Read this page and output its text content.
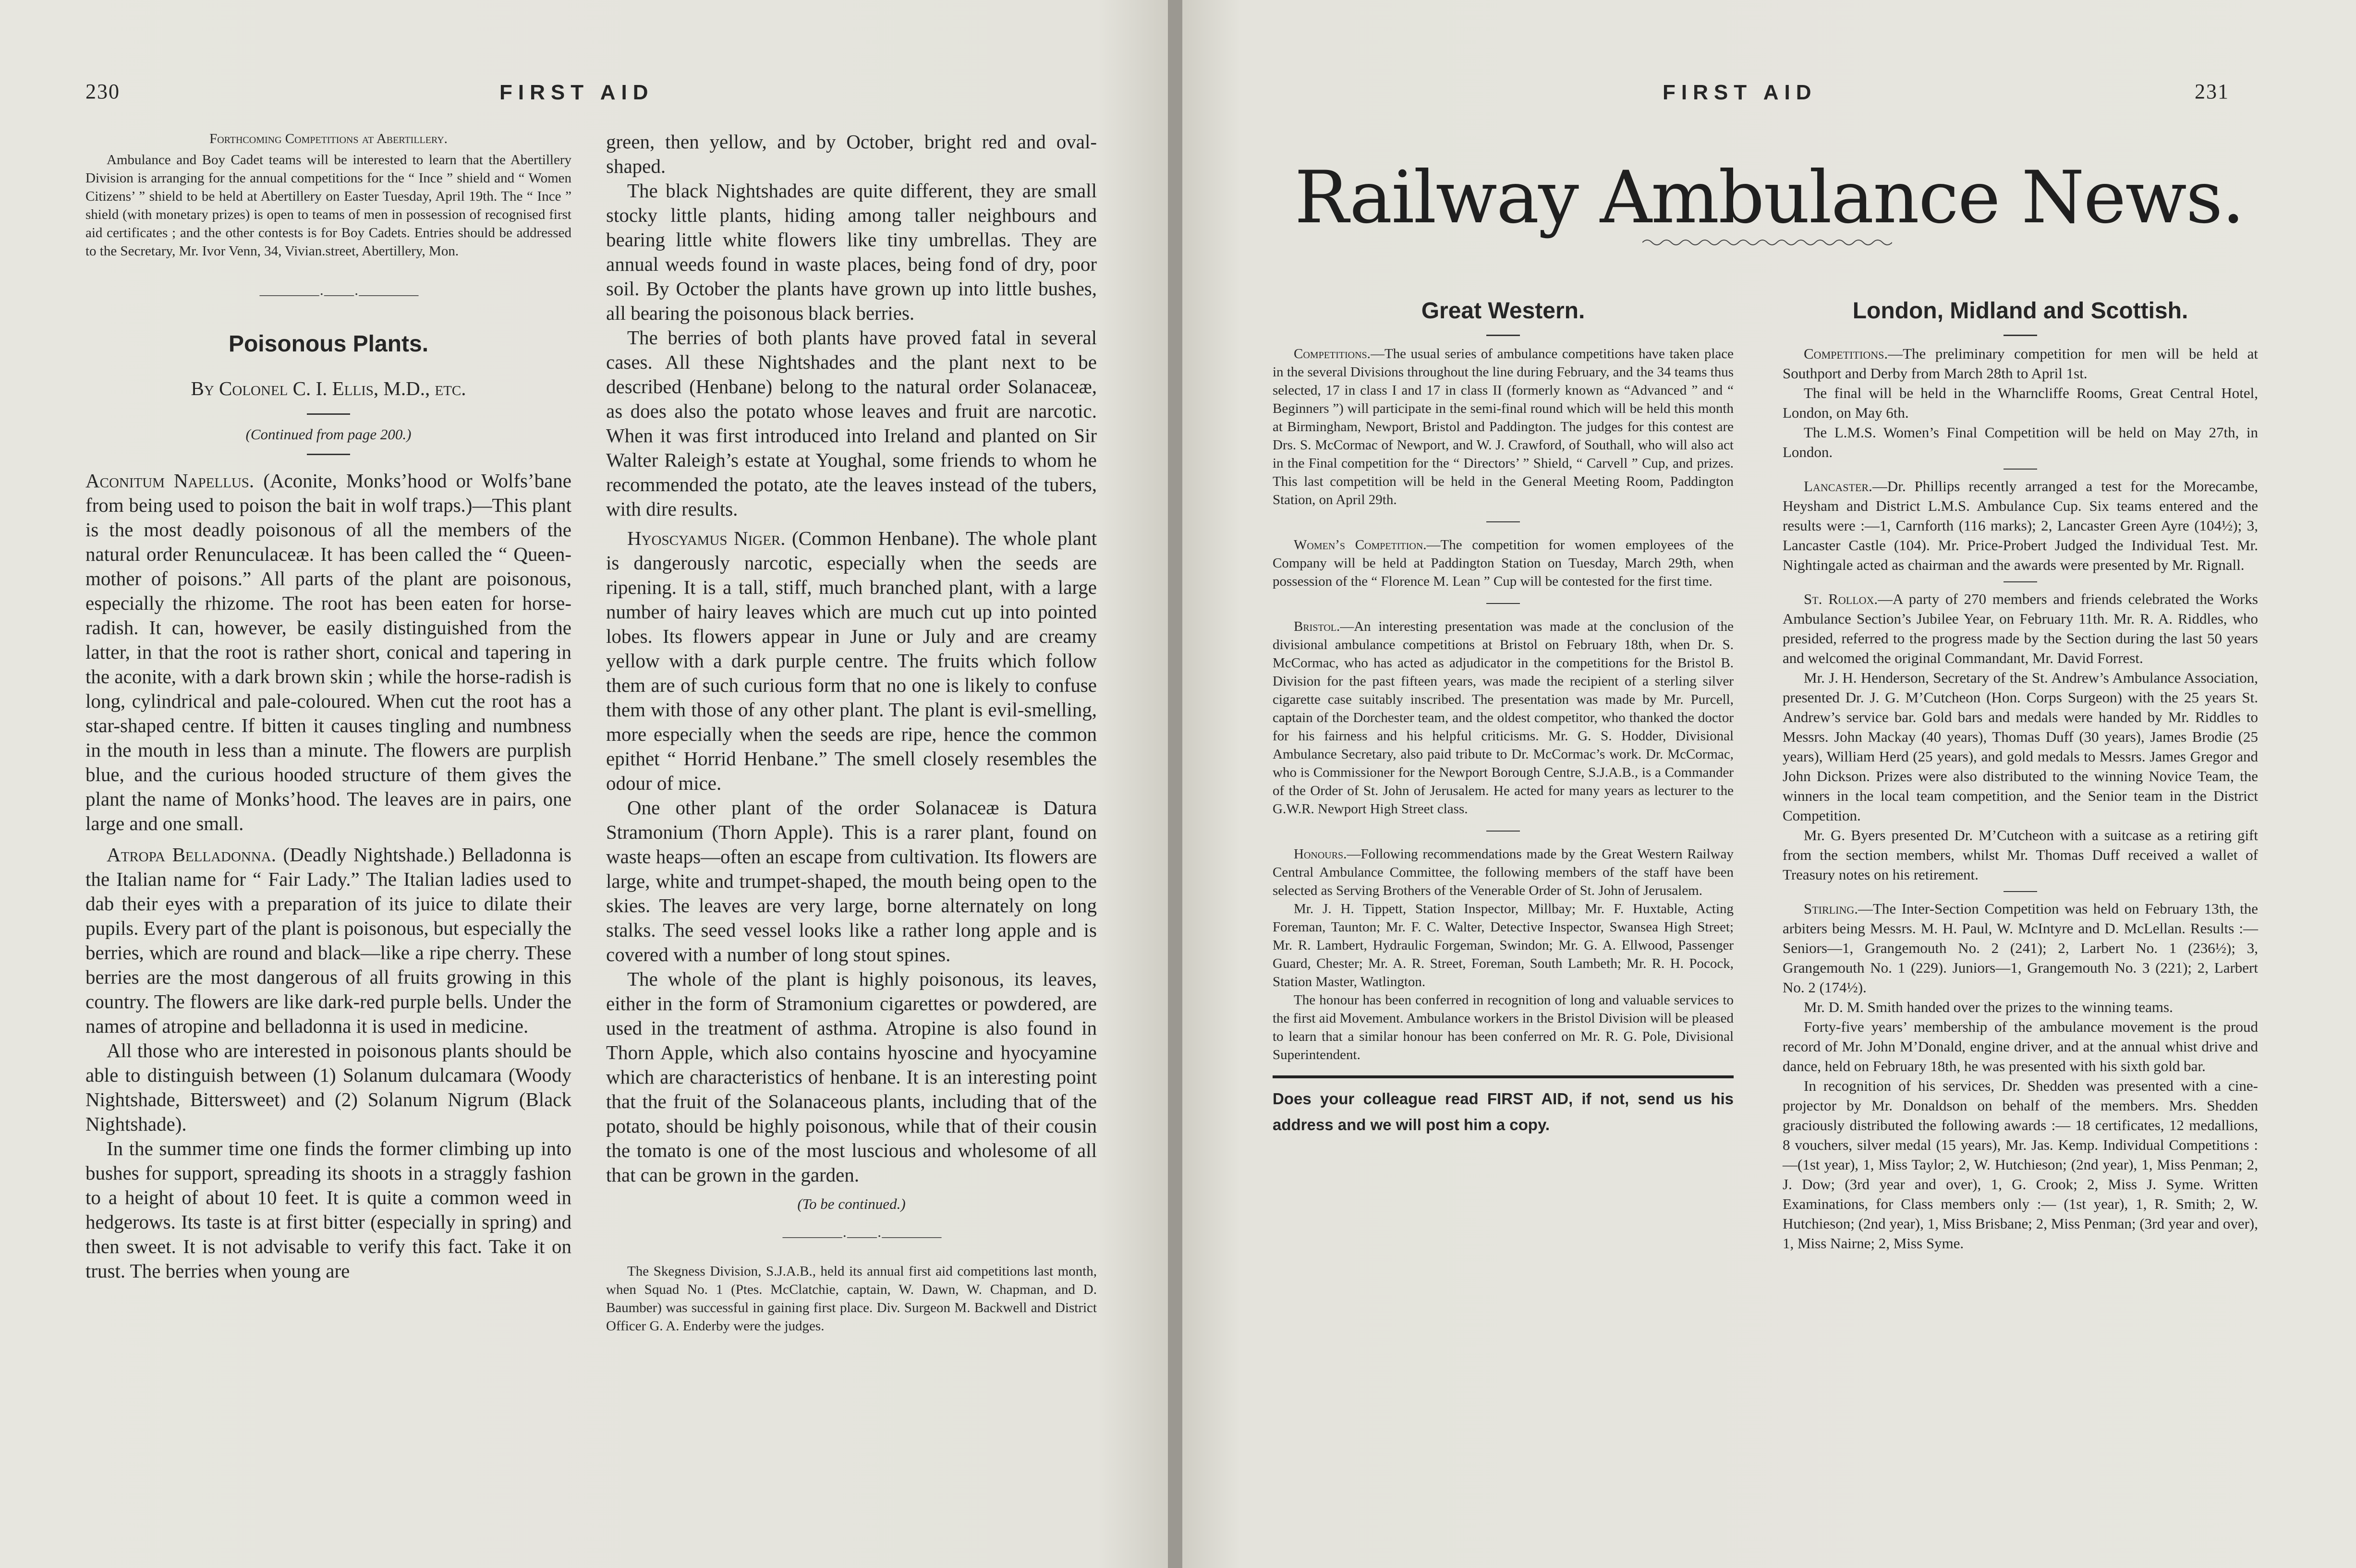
230	FIRST AID

Forthcoming Competitions at Abertillery.

Ambulance and Boy Cadet teams will be interested to learn that the Abertillery Division is arranging for the annual competitions for the “ Ince ” shield and “ Women Citizens’ ” shield to be held at Abertillery on Easter Tuesday, April 19th. The “ Ince ” shield (with monetary prizes) is open to teams of men in possession of recognised first aid certificates ; and the other contests is for Boy Cadets. Entries should be addressed to the Secretary, Mr. Ivor Venn, 34, Vivian.street, Abertillery, Mon.

————·——·————

Poisonous Plants.

By Colonel C. I. Ellis, M.D., etc.

(Continued from page 200.)

Aconitum Napellus. (Aconite, Monks’hood or Wolfs’bane from being used to poison the bait in wolf traps.)—This plant is the most deadly poisonous of all the members of the natural order Renunculaceæ. It has been called the “ Queen-mother of poisons.” All parts of the plant are poisonous, especially the rhizome. The root has been eaten for horse-radish. It can, however, be easily distinguished from the latter, in that the root is rather short, conical and tapering in the aconite, with a dark brown skin ; while the horse-radish is long, cylindrical and pale-coloured. When cut the root has a star-shaped centre. If bitten it causes tingling and numbness in the mouth in less than a minute. The flowers are purplish blue, and the curious hooded structure of them gives the plant the name of Monks’hood. The leaves are in pairs, one large and one small.

Atropa Belladonna. (Deadly Nightshade.) Belladonna is the Italian name for “ Fair Lady.” The Italian ladies used to dab their eyes with a preparation of its juice to dilate their pupils. Every part of the plant is poisonous, but especially the berries, which are round and black—like a ripe cherry. These berries are the most dangerous of all fruits growing in this country. The flowers are like dark-red purple bells. Under the names of atropine and belladonna it is used in medicine.

All those who are interested in poisonous plants should be able to distinguish between (1) Solanum dulcamara (Woody Nightshade, Bittersweet) and (2) Solanum Nigrum (Black Nightshade).

In the summer time one finds the former climbing up into bushes for support, spreading its shoots in a straggly fashion to a height of about 10 feet. It is quite a common weed in hedgerows. Its taste is at first bitter (especially in spring) and then sweet. It is not advisable to verify this fact. Take it on trust. The berries when young are

green, then yellow, and by October, bright red and oval-shaped.

The black Nightshades are quite different, they are small stocky little plants, hiding among taller neighbours and bearing little white flowers like tiny umbrellas. They are annual weeds found in waste places, being fond of dry, poor soil. By October the plants have grown up into little bushes, all bearing the poisonous black berries.

The berries of both plants have proved fatal in several cases. All these Nightshades and the plant next to be described (Henbane) belong to the natural order Solanaceæ, as does also the potato whose leaves and fruit are narcotic. When it was first introduced into Ireland and planted on Sir Walter Raleigh’s estate at Youghal, some friends to whom he recommended the potato, ate the leaves instead of the tubers, with dire results.

Hyoscyamus Niger. (Common Henbane). The whole plant is dangerously narcotic, especially when the seeds are ripening. It is a tall, stiff, much branched plant, with a large number of hairy leaves which are much cut up into pointed lobes. Its flowers appear in June or July and are creamy yellow with a dark purple centre. The fruits which follow them are of such curious form that no one is likely to confuse them with those of any other plant. The plant is evil-smelling, more especially when the seeds are ripe, hence the common epithet “ Horrid Henbane.” The smell closely resembles the odour of mice.

One other plant of the order Solanaceæ is Datura Stramonium (Thorn Apple). This is a rarer plant, found on waste heaps—often an escape from cultivation. Its flowers are large, white and trumpet-shaped, the mouth being open to the skies. The leaves are very large, borne alternately on long stalks. The seed vessel looks like a rather long apple and is covered with a number of long stout spines.

The whole of the plant is highly poisonous, its leaves, either in the form of Stramonium cigarettes or powdered, are used in the treatment of asthma. Atropine is also found in Thorn Apple, which also contains hyoscine and hyocyamine which are characteristics of henbane. It is an interesting point that the fruit of the Solanaceous plants, including that of the potato, should be highly poisonous, while that of their cousin the tomato is one of the most luscious and wholesome of all that can be grown in the garden.

(To be continued.)

————·——·————

The Skegness Division, S.J.A.B., held its annual first aid competitions last month, when Squad No. 1 (Ptes. McClatchie, captain, W. Dawn, W. Chapman, and D. Baumber) was successful in gaining first place. Div. Surgeon M. Backwell and District Officer G. A. Enderby were the judges.

FIRST AID	231
Railway Ambulance News.

Great Western.

Competitions.—The usual series of ambulance competitions have taken place in the several Divisions throughout the line during February, and the 34 teams thus selected, 17 in class I and 17 in class II (formerly known as “Advanced ” and “ Beginners ”) will participate in the semi-final round which will be held this month at Birmingham, Newport, Bristol and Paddington. The judges for this contest are Drs. S. McCormac of Newport, and W. J. Crawford, of Southall, who will also act in the Final competition for the “ Directors’ ” Shield, “ Carvell ” Cup, and prizes. This last competition will be held in the General Meeting Room, Paddington Station, on April 29th.

Women’s Competition.—The competition for women employees of the Company will be held at Paddington Station on Tuesday, March 29th, when possession of the “ Florence M. Lean ” Cup will be contested for the first time.

Bristol.—An interesting presentation was made at the conclusion of the divisional ambulance competitions at Bristol on February 18th, when Dr. S. McCormac, who has acted as adjudicator in the competitions for the Bristol B. Division for the past fifteen years, was made the recipient of a sterling silver cigarette case suitably inscribed. The presentation was made by Mr. Purcell, captain of the Dorchester team, and the oldest competitor, who thanked the doctor for his fairness and his helpful criticisms. Mr. G. S. Hodder, Divisional Ambulance Secretary, also paid tribute to Dr. McCormac’s work. Dr. McCormac, who is Commissioner for the Newport Borough Centre, S.J.A.B., is a Commander of the Order of St. John of Jerusalem. He acted for many years as lecturer to the G.W.R. Newport High Street class.

Honours.—Following recommendations made by the Great Western Railway Central Ambulance Committee, the following members of the staff have been selected as Serving Brothers of the Venerable Order of St. John of Jerusalem.

Mr. J. H. Tippett, Station Inspector, Millbay; Mr. F. Huxtable, Acting Foreman, Taunton; Mr. F. C. Walter, Detective Inspector, Swansea High Street; Mr. R. Lambert, Hydraulic Forgeman, Swindon; Mr. G. A. Ellwood, Passenger Guard, Chester; Mr. A. R. Street, Foreman, South Lambeth; Mr. R. H. Pocock, Station Master, Watlington.

The honour has been conferred in recognition of long and valuable services to the first aid Movement. Ambulance workers in the Bristol Division will be pleased to learn that a similar honour has been conferred on Mr. R. G. Pole, Divisional Superintendent.

Does your colleague read FIRST AID, if not, send us his address and we will post him a copy.

London, Midland and Scottish.

Competitions.—The preliminary competition for men will be held at Southport and Derby from March 28th to April 1st.

The final will be held in the Wharncliffe Rooms, Great Central Hotel, London, on May 6th.

The L.M.S. Women’s Final Competition will be held on May 27th, in London.

Lancaster.—Dr. Phillips recently arranged a test for the Morecambe, Heysham and District L.M.S. Ambulance Cup. Six teams entered and the results were :—1, Carnforth (116 marks); 2, Lancaster Green Ayre (104½); 3, Lancaster Castle (104). Mr. Price-Probert Judged the Individual Test. Mr. Nightingale acted as chairman and the awards were presented by Mr. Rignall.

St. Rollox.—A party of 270 members and friends celebrated the Works Ambulance Section’s Jubilee Year, on February 11th. Mr. R. A. Riddles, who presided, referred to the progress made by the Section during the last 50 years and welcomed the original Commandant, Mr. David Forrest.

Mr. J. H. Henderson, Secretary of the St. Andrew’s Ambulance Association, presented Dr. J. G. M’Cutcheon (Hon. Corps Surgeon) with the 25 years St. Andrew’s service bar. Gold bars and medals were handed by Mr. Riddles to Messrs. John Mackay (40 years), Thomas Duff (30 years), James Brodie (25 years), William Herd (25 years), and gold medals to Messrs. James Gregor and John Dickson. Prizes were also distributed to the winning Novice Team, the winners in the local team competition, and the Senior team in the District Competition.

Mr. G. Byers presented Dr. M’Cutcheon with a suitcase as a retiring gift from the section members, whilst Mr. Thomas Duff received a wallet of Treasury notes on his retirement.

Stirling.—The Inter-Section Competition was held on February 13th, the arbiters being Messrs. M. H. Paul, W. McIntyre and D. McLellan. Results :—Seniors—1, Grangemouth No. 2 (241); 2, Larbert No. 1 (236½); 3, Grangemouth No. 1 (229). Juniors—1, Grangemouth No. 3 (221); 2, Larbert No. 2 (174½).

Mr. D. M. Smith handed over the prizes to the winning teams.

Forty-five years’ membership of the ambulance movement is the proud record of Mr. John M’Donald, engine driver, and at the annual whist drive and dance, held on February 18th, he was presented with his sixth gold bar.

In recognition of his services, Dr. Shedden was presented with a cine-projector by Mr. Donaldson on behalf of the members. Mrs. Shedden graciously distributed the following awards :— 18 certificates, 12 medallions, 8 vouchers, silver medal (15 years), Mr. Jas. Kemp. Individual Competitions :—(1st year), 1, Miss Taylor; 2, W. Hutchieson; (2nd year), 1, Miss Penman; 2, J. Dow; (3rd year and over), 1, G. Crook; 2, Miss J. Syme. Written Examinations, for Class members only :— (1st year), 1, R. Smith; 2, W. Hutchieson; (2nd year), 1, Miss Brisbane; 2, Miss Penman; (3rd year and over), 1, Miss Nairne; 2, Miss Syme.
